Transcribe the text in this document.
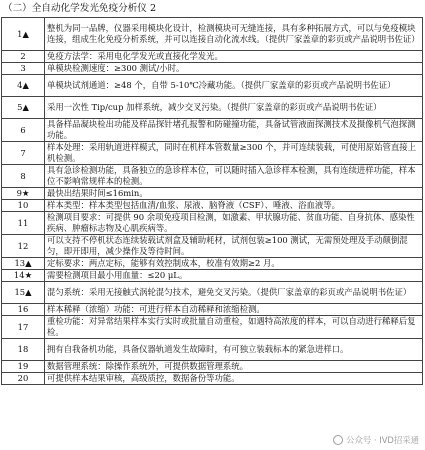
（二）全自动化学发光免疫分析仪 2
1▲	整机为同一品牌，仪器采用模块化设计，检测模块可无缝连接，具有多种拓展方式，可以与免疫模块连接，组成生化免疫分析系统，并可以连接自动化流水线。（提供厂家盖章的彩页或产品说明书佐证）
2	免疫方法学：采用电化学发光或直接化学发光。
3	单模块检测速度：≥300 测试/小时。
4▲	单模块试剂通道：≥48 个，自带 5-10℃冷藏功能。（提供厂家盖章的彩页或产品说明书佐证）
5▲	采用一次性 Tip/cup 加样系统，减少交叉污染。（提供厂家盖章的彩页或产品说明书佐证）
6	具备样品凝块检出功能及样品探针堵孔报警和防碰撞功能，具备试管液面探测技术及摄像机气泡探测功能。
7	样本处理：采用轨道进样模式，同时在机样本管数量≥300 个，并可连续装载，可使用原始管直接上机检测。
8	具有急诊检测功能，具备独立的急诊样本位，可以随时插入急诊样本检测，具有连续进样功能，样本位不影响常规样本的检测。
9★	最快出结果时间≤16min。
10	样本类型：样本类型包括血清/血浆、尿液、脑脊液（CSF）、唾液、浴血液等。
11	检测项目要求：可提供 90 余项免疫项目检测，如激素、甲状腺功能、贫血功能、自身抗体、感染性疾病、肿瘤标志物及心肌疾病等。
12	可以支持不停机状态连续装载试剂盒及辅助耗材，试剂包装≥100 测试，无需预处理及手动颠倒混匀，即开即用，减少操作及等待时间。
13▲	定标要求：两点定标，能够有效控制成本，校准有效期≥2 月。
14★	需要检测项目最小用血量：≤20 μL。
15▲	混匀系统：采用无接触式涡轮混匀技术，避免交叉污染。（提供厂家盖章的彩页或产品说明书佐证）
16	样本稀释（浓缩）功能：可进行样本自动稀释和浓缩检测。
17	重检功能：对异常结果样本实行实时或批量自动重检，如遇特高浓度的样本，可以自动进行稀释后复检。
18	拥有自我备机功能，具备仪器轨道发生故障时，有可独立装载标本的紧急进样口。
19	数据管理系统：除操作系统外，可提供数据管理系统。
20	可提供样本结果审核，高级质控，数据备份等功能。
公众号 · IVD招采通
